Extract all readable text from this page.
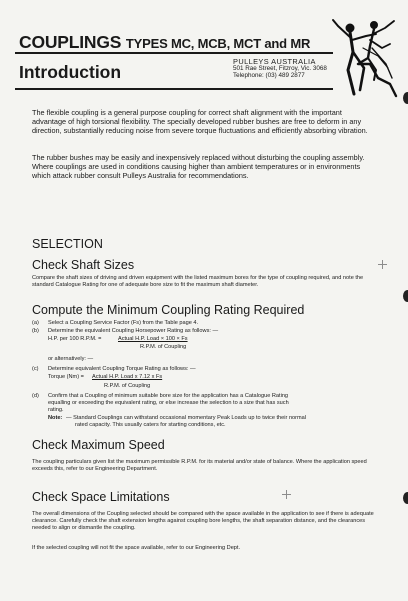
COUPLINGS TYPES MC, MCB, MCT and MR
Introduction
PULLEYS AUSTRALIA
501 Rae Street, Fitzroy, Vic. 3068
Telephone: (03) 489 2877
The flexible coupling is a general purpose coupling for correct shaft alignment with the important advantage of high torsional flexibility. The specially developed rubber bushes are free to deform in any direction, substantially reducing noise from severe torque fluctuations and efficiently absorbing vibration.
The rubber bushes may be easily and inexpensively replaced without disturbing the coupling assembly. Where couplings are used in conditions causing higher than ambient temperatures or in environments which attack rubber consult Pulleys Australia for recommendations.
SELECTION
Check Shaft Sizes
Compare the shaft sizes of driving and driven equipment with the listed maximum bores for the type of coupling required, and note the standard Catalogue Rating for one of adequate bore size to fit the maximum shaft diameter.
Compute the Minimum Coupling Rating Required
(a) Select a Coupling Service Factor (Fs) from the Table page 4.
(b) Determine the equivalent Coupling Horsepower Rating as follows: —
H.P. per 100 R.P.M. =	Actual H.P. Load × 100 × Fs
R.P.M. of Coupling
or alternatively: —
(c) Determine equivalent Coupling Torque Rating as follows: —
Torque (Nm) = Actual H.P. Load x 7.12 x Fs
R.P.M. of Coupling
(d) Confirm that a Coupling of minimum suitable bore size for the application has a Catalogue Rating
equalling or exceeding the equivalent rating, or else increase the selection to a size that has such
rating.
Note: — Standard Couplings can withstand occasional momentary Peak Loads up to twice their normal
rated capacity. This usually caters for starting conditions, etc.
Check Maximum Speed
The coupling particulars given list the maximum permissible R.P.M. for its material and/or state of balance. Where the application speed exceeds this, refer to our Engineering Department.
Check Space Limitations
The overall dimensions of the Coupling selected should be compared with the space available in the application to see if there is adequate clearance. Carefully check the shaft extension lengths against coupling bore lengths, the shaft separation distance, and the clearances needed to align or dismantle the coupling.
If the selected coupling will not fit the space available, refer to our Engineering Dept.
